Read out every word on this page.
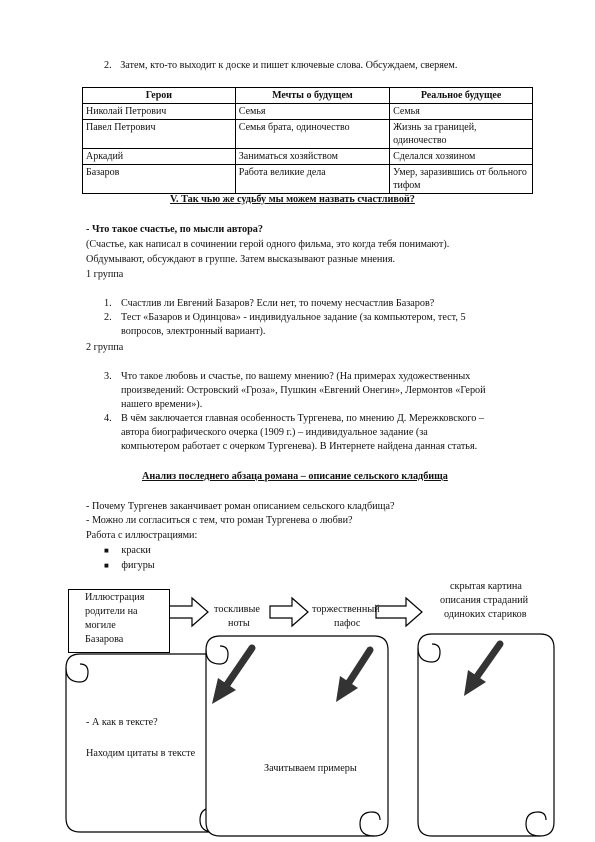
2. Затем, кто-то выходит к доске и пишет ключевые слова. Обсуждаем, сверяем.
Герои	Мечты о будущем	Реальное будущее
Николай Петрович	Семья	Семья
Павел Петрович	Семья брата, одиночество	Жизнь за границей, одиночество
Аркадий	Заниматься хозяйством	Сделался хозяином
Базаров	Работа великие дела	Умер, заразившись от больного тифом
V. Так чью же судьбу мы можем назвать счастливой?
- Что такое счастье, по мысли автора?
(Счастье, как написал в сочинении герой одного фильма, это когда тебя понимают).
Обдумывают, обсуждают в группе. Затем высказывают разные мнения.
1 группа
1. Счастлив ли Евгений Базаров? Если нет, то почему несчастлив Базаров?
2. Тест «Базаров и Одинцова» - индивидуальное задание (за компьютером, тест, 5
вопросов, электронный вариант).
2 группа
3. Что такое любовь и счастье, по вашему мнению? (На примерах художественных
произведений: Островский «Гроза», Пушкин «Евгений Онегин», Лермонтов «Герой
нашего времени»).
4. В чём заключается главная особенность Тургенева, по мнению Д. Мережковского –
автора биографического очерка (1909 г.) – индивидуальное задание (за
компьютером работает с очерком Тургенева). В Интернете найдена данная статья.
Анализ последнего абзаца романа – описание сельского кладбища
- Почему Тургенев заканчивает роман описанием сельского кладбища?
- Можно ли согласиться с тем, что роман Тургенева о любви?
Работа с иллюстрациями:
■ краски
■ фигуры
Иллюстрация
родители на
могиле
Базарова
тоскливые
ноты
торжественный
пафос
скрытая картина
описания страданий
одиноких стариков
- А как в тексте?
Находим цитаты в тексте
Зачитываем примеры
